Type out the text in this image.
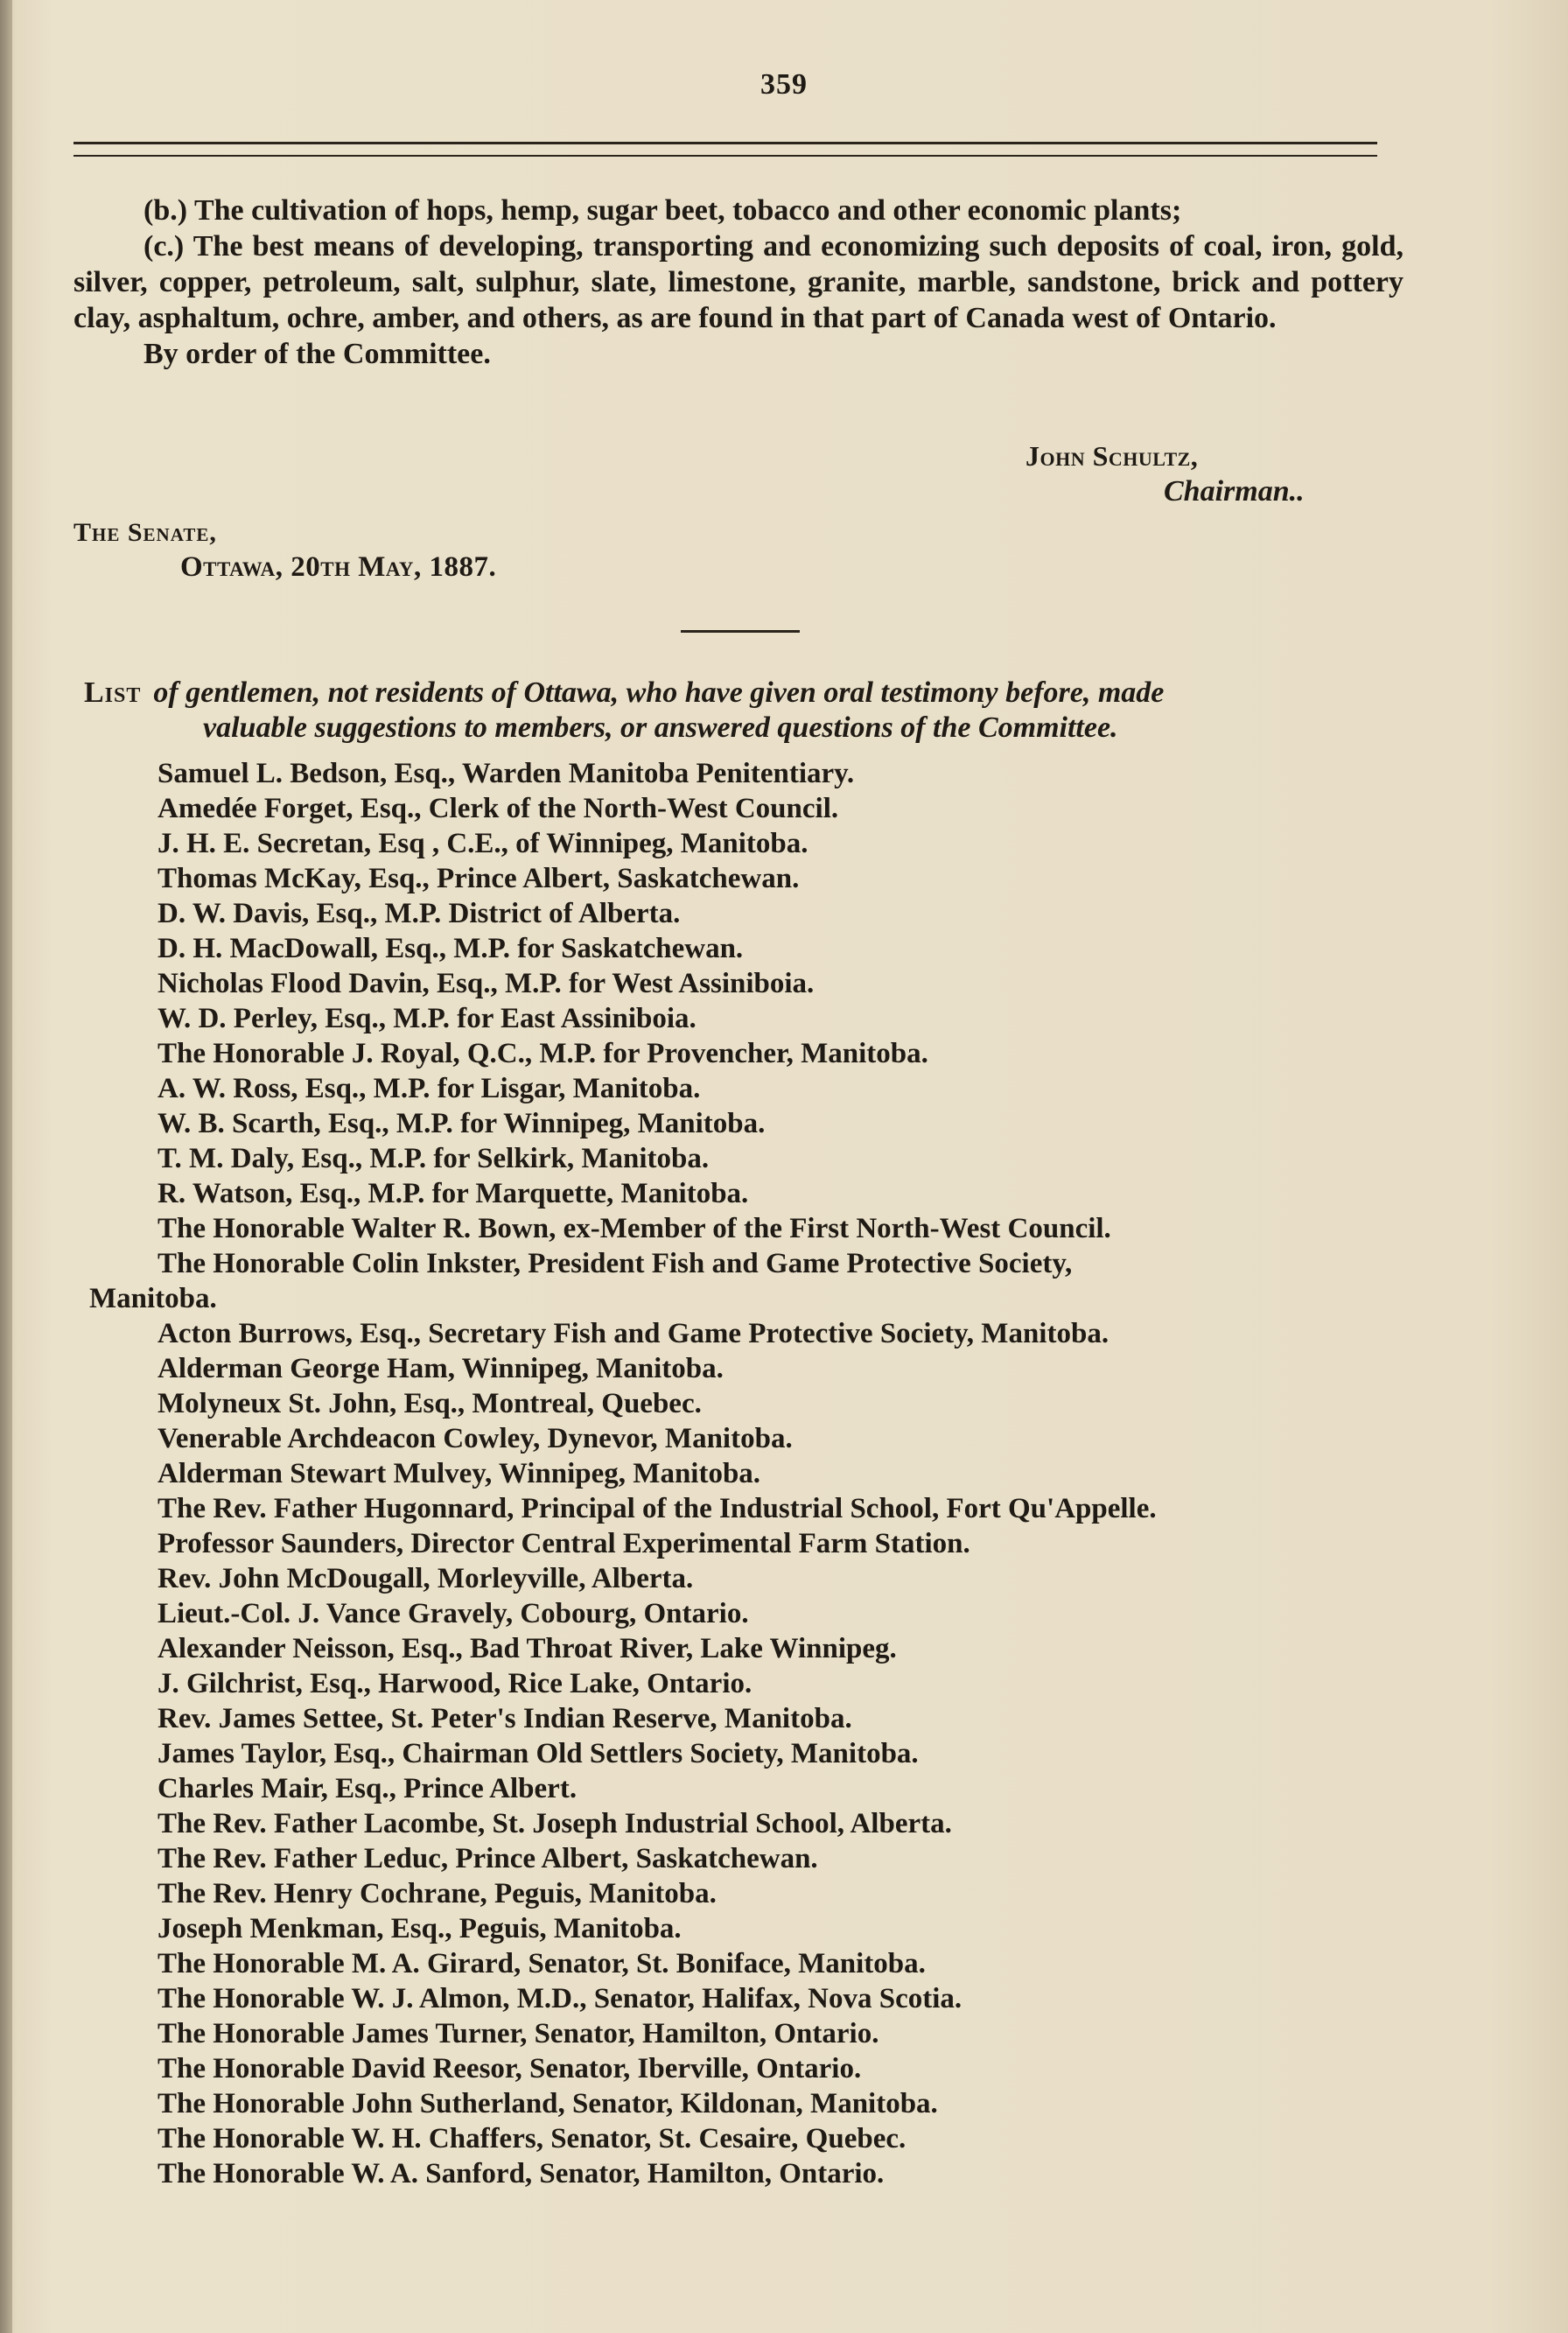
359

(b.) The cultivation of hops, hemp, sugar beet, tobacco and other economic plants;

(c.) The best means of developing, transporting and economizing such deposits of coal, iron, gold, silver, copper, petroleum, salt, sulphur, slate, limestone, granite, marble, sandstone, brick and pottery clay, asphaltum, ochre, amber, and others, as are found in that part of Canada west of Ontario.

By order of the Committee.

John Schultz,
Chairman..
The Senate,
Ottawa, 20th May, 1887.
List of gentlemen, not residents of Ottawa, who have given oral testimony before, made
valuable suggestions to members, or answered questions of the Committee.
Samuel L. Bedson, Esq., Warden Manitoba Penitentiary.
Amedée Forget, Esq., Clerk of the North-West Council.
J. H. E. Secretan, Esq , C.E., of Winnipeg, Manitoba.
Thomas McKay, Esq., Prince Albert, Saskatchewan.
D. W. Davis, Esq., M.P. District of Alberta.
D. H. MacDowall, Esq., M.P. for Saskatchewan.
Nicholas Flood Davin, Esq., M.P. for West Assiniboia.
W. D. Perley, Esq., M.P. for East Assiniboia.
The Honorable J. Royal, Q.C., M.P. for Provencher, Manitoba.
A. W. Ross, Esq., M.P. for Lisgar, Manitoba.
W. B. Scarth, Esq., M.P. for Winnipeg, Manitoba.
T. M. Daly, Esq., M.P. for Selkirk, Manitoba.
R. Watson, Esq., M.P. for Marquette, Manitoba.
The Honorable Walter R. Bown, ex-Member of the First North-West Council.
The Honorable Colin Inkster, President Fish and Game Protective Society,
Manitoba.
Acton Burrows, Esq., Secretary Fish and Game Protective Society, Manitoba.
Alderman George Ham, Winnipeg, Manitoba.
Molyneux St. John, Esq., Montreal, Quebec.
Venerable Archdeacon Cowley, Dynevor, Manitoba.
Alderman Stewart Mulvey, Winnipeg, Manitoba.
The Rev. Father Hugonnard, Principal of the Industrial School, Fort Qu'Appelle.
Professor Saunders, Director Central Experimental Farm Station.
Rev. John McDougall, Morleyville, Alberta.
Lieut.-Col. J. Vance Gravely, Cobourg, Ontario.
Alexander Neisson, Esq., Bad Throat River, Lake Winnipeg.
J. Gilchrist, Esq., Harwood, Rice Lake, Ontario.
Rev. James Settee, St. Peter's Indian Reserve, Manitoba.
James Taylor, Esq., Chairman Old Settlers Society, Manitoba.
Charles Mair, Esq., Prince Albert.
The Rev. Father Lacombe, St. Joseph Industrial School, Alberta.
The Rev. Father Leduc, Prince Albert, Saskatchewan.
The Rev. Henry Cochrane, Peguis, Manitoba.
Joseph Menkman, Esq., Peguis, Manitoba.
The Honorable M. A. Girard, Senator, St. Boniface, Manitoba.
The Honorable W. J. Almon, M.D., Senator, Halifax, Nova Scotia.
The Honorable James Turner, Senator, Hamilton, Ontario.
The Honorable David Reesor, Senator, Iberville, Ontario.
The Honorable John Sutherland, Senator, Kildonan, Manitoba.
The Honorable W. H. Chaffers, Senator, St. Cesaire, Quebec.
The Honorable W. A. Sanford, Senator, Hamilton, Ontario.
